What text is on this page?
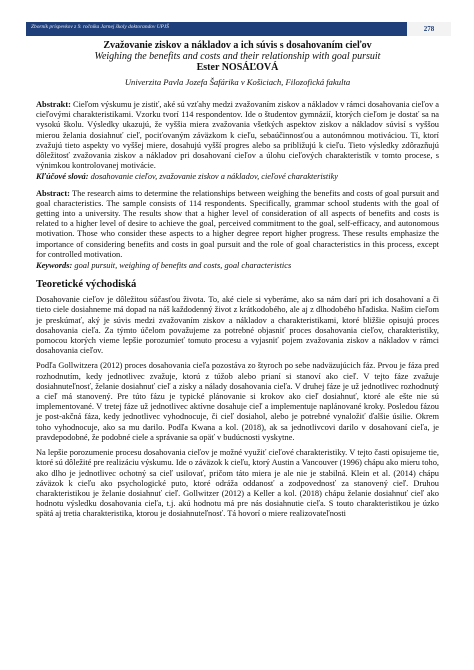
Zborník príspevkov z 9. ročníka Jarnej školy doktorandov UPJŠ	278
Zvažovanie ziskov a nákladov a ich súvis s dosahovaním cieľov
Weighing the benefits and costs and their relationship with goal pursuit
Ester NOSÁĽOVÁ
Univerzita Pavla Jozefa Šafárika v Košiciach, Filozofická fakulta

Abstrakt: Cieľom výskumu je zistiť, aké sú vzťahy medzi zvažovaním ziskov a nákladov v rámci dosahovania cieľov a cieľovými charakteristikami. Vzorku tvorí 114 respondentov. Ide o študentov gymnázií, ktorých cieľom je dostať sa na vysokú školu. Výsledky ukazujú, že vyššia miera zvažovania všetkých aspektov ziskov a nákladov súvisí s vyššou mierou želania dosiahnuť cieľ, pociťovaným záväzkom k cieľu, sebaúčinnosťou a autonómnou motiváciou. Tí, ktorí zvažujú tieto aspekty vo vyššej miere, dosahujú vyšší progres alebo sa približujú k cieľu. Tieto výsledky zdôrazňujú dôležitosť zvažovania ziskov a nákladov pri dosahovaní cieľov a úlohu cieľových charakteristík v tomto procese, s výnimkou kontrolovanej motivácie.

Kľúčové slová: dosahovanie cieľov, zvažovanie ziskov a nákladov, cieľové charakteristiky

Abstract: The research aims to determine the relationships between weighing the benefits and costs of goal pursuit and goal characteristics. The sample consists of 114 respondents. Specifically, grammar school students with the goal of getting into a university. The results show that a higher level of consideration of all aspects of benefits and costs is related to a higher level of desire to achieve the goal, perceived commitment to the goal, self-efficacy, and autonomous motivation. Those who consider these aspects to a higher degree report higher progress. These results emphasize the importance of considering benefits and costs in goal pursuit and the role of goal characteristics in this process, except for controlled motivation.

Keywords: goal pursuit, weighing of benefits and costs, goal characteristics

Teoretické východiská

Dosahovanie cieľov je dôležitou súčasťou života. To, aké ciele si vyberáme, ako sa nám darí pri ich dosahovaní a či tieto ciele dosiahneme má dopad na náš každodenný život z krátkodobého, ale aj z dlhodobého hľadiska. Našim cieľom je preskúmať, aký je súvis medzi zvažovaním ziskov a nákladov a charakteristikami, ktoré bližšie opisujú proces dosahovania cieľa. Za týmto účelom považujeme za potrebné objasniť proces dosahovania cieľov, charakteristiky, pomocou ktorých vieme lepšie porozumieť tomuto procesu a vyjasniť pojem zvažovania ziskov a nákladov v rámci dosahovania cieľov.

Podľa Gollwitzera (2012) proces dosahovania cieľa pozostáva zo štyroch po sebe nadväzujúcich fáz. Prvou je fáza pred rozhodnutím, kedy jednotlivec zvažuje, ktorú z túžob alebo prianí si stanoví ako cieľ. V tejto fáze zvažuje dosiahnuteľnosť, želanie dosiahnuť cieľ a zisky a nálady dosahovania cieľa. V druhej fáze je už jednotlivec rozhodnutý a cieľ má stanovený. Pre túto fázu je typické plánovanie si krokov ako cieľ dosiahnuť, ktoré ale ešte nie sú implementované. V tretej fáze už jednotlivec aktívne dosahuje cieľ a implementuje naplánované kroky. Posledou fázou je post-akčná fáza, kedy jednotlivec vyhodnocuje, či cieľ dosiahol, alebo je potrebné vynaložiť ďalšie úsilie. Okrem toho vyhodnocuje, ako sa mu darilo. Podľa Kwana a kol. (2018), ak sa jednotlivcovi darilo v dosahovaní cieľa, je pravdepodobné, že podobné ciele a správanie sa opäť v budúcnosti vyskytne.

Na lepšie porozumenie procesu dosahovania cieľov je možné využiť cieľové charakteristiky. V tejto časti opisujeme tie, ktoré sú dôležité pre realizáciu výskumu. Ide o záväzok k cieľu, ktorý Austin a Vancouver (1996) chápu ako mieru toho, ako dlho je jednotlivec ochotný sa cieľ usilovať, pričom táto miera je ale nie je stabilná. Klein et al. (2014) chápu záväzok k cieľu ako psychologické puto, ktoré odráža oddanosť a zodpovednosť za stanovený cieľ. Druhou charakteristikou je želanie dosiahnuť cieľ. Gollwitzer (2012) a Keller a kol. (2018) chápu želanie dosiahnuť cieľ ako hodnotu výsledku dosahovania cieľa, t.j. akú hodnotu má pre nás dosiahnutie cieľa. S touto charakteristikou je úzko spätá aj tretia charakteristika, ktorou je dosiahnuteľnosť. Tá hovorí o miere realizovateľnosti
